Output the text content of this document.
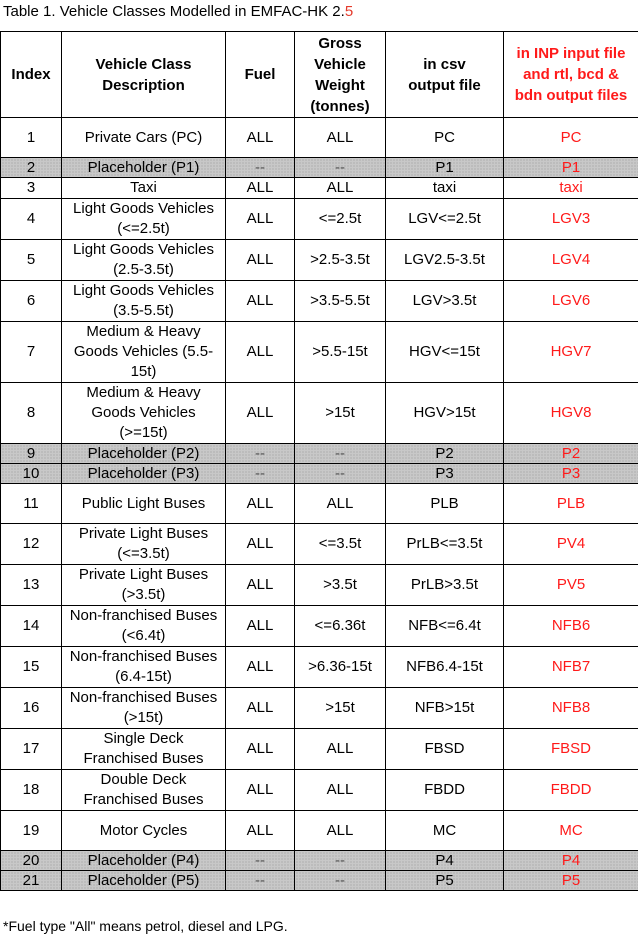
Table 1. Vehicle Classes Modelled in EMFAC-HK 2.5
Index	Vehicle Class Description	Fuel	Gross Vehicle Weight (tonnes)	in csv output file	in INP input file and rtl, bcd & bdn output files
1	Private Cars (PC)	ALL	ALL	PC	PC
2	Placeholder (P1)	--	--	P1	P1
3	Taxi	ALL	ALL	taxi	taxi
4	Light Goods Vehicles (<=2.5t)	ALL	<=2.5t	LGV<=2.5t	LGV3
5	Light Goods Vehicles (2.5-3.5t)	ALL	>2.5-3.5t	LGV2.5-3.5t	LGV4
6	Light Goods Vehicles (3.5-5.5t)	ALL	>3.5-5.5t	LGV>3.5t	LGV6
7	Medium & Heavy Goods Vehicles (5.5-15t)	ALL	>5.5-15t	HGV<=15t	HGV7
8	Medium & Heavy Goods Vehicles (>=15t)	ALL	>15t	HGV>15t	HGV8
9	Placeholder (P2)	--	--	P2	P2
10	Placeholder (P3)	--	--	P3	P3
11	Public Light Buses	ALL	ALL	PLB	PLB
12	Private Light Buses (<=3.5t)	ALL	<=3.5t	PrLB<=3.5t	PV4
13	Private Light Buses (>3.5t)	ALL	>3.5t	PrLB>3.5t	PV5
14	Non-franchised Buses (<6.4t)	ALL	<=6.36t	NFB<=6.4t	NFB6
15	Non-franchised Buses (6.4-15t)	ALL	>6.36-15t	NFB6.4-15t	NFB7
16	Non-franchised Buses (>15t)	ALL	>15t	NFB>15t	NFB8
17	Single Deck Franchised Buses	ALL	ALL	FBSD	FBSD
18	Double Deck Franchised Buses	ALL	ALL	FBDD	FBDD
19	Motor Cycles	ALL	ALL	MC	MC
20	Placeholder (P4)	--	--	P4	P4
21	Placeholder (P5)	--	--	P5	P5
*Fuel type "All" means petrol, diesel and LPG.
